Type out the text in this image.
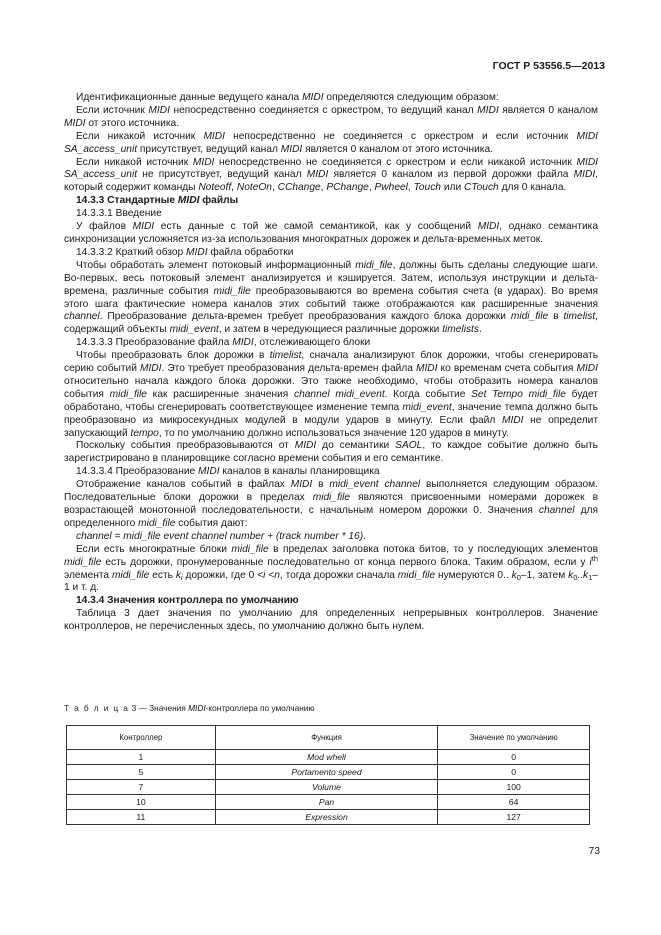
ГОСТ Р 53556.5—2013

Идентификационные данные ведущего канала MIDI определяются следующим образом:

Если источник MIDI непосредственно соединяется с оркестром, то ведущий канал MIDI является 0 каналом MIDI от этого источника.

Если никакой источник MIDI непосредственно не соединяется с оркестром и если источник MIDI SA_access_unit присутствует, ведущий канал MIDI является 0 каналом от этого источника.

Если никакой источник MIDI непосредственно не соединяется с оркестром и если никакой источник MIDI SA_access_unit не присутствует, ведущий канал MIDI является 0 каналом из первой дорожки файла MIDI, который содержит команды Noteoff, NoteOn, CChange, PChange, Pwheel, Touch или CTouch для 0 канала.

14.3.3 Стандартные MIDI файлы

14.3.3.1 Введение

У файлов MIDI есть данные с той же самой семантикой, как у сообщений MIDI, однако семантика синхронизации усложняется из-за использования многократных дорожек и дельта-временных меток.

14.3.3.2 Краткий обзор MIDI файла обработки

Чтобы обработать элемент потоковый информационный midi_file, должны быть сделаны следующие шаги. Во-первых, весь потоковый элемент анализируется и кэшируется. Затем, используя инструкции и дельта-времена, различные события midi_file преобразовываются во времена события счета (в ударах). Во время этого шага фактические номера каналов этих событий также отображаются как расширенные значения channel. Преобразование дельта-времен требует преобразования каждого блока дорожки midi_file в timelist, содержащий объекты midi_event, и затем в чередующиеся различные дорожки timelists.

14.3.3.3 Преобразование файла MIDI, отслеживающего блоки

Чтобы преобразовать блок дорожки в timelist, сначала анализируют блок дорожки, чтобы сгенерировать серию событий MIDI. Это требует преобразования дельта-времен файла MIDI ко временам счета события MIDI относительно начала каждого блока дорожки. Это также необходимо, чтобы отобразить номера каналов события midi_file как расширенные значения channel midi_event. Когда событие Set Tempo midi_file будет обработано, чтобы сгенерировать соответствующее изменение темпа midi_event, значение темпа должно быть преобразовано из микросекундных модулей в модули ударов в минуту. Если файл MIDI не определит запускающий tempo, то по умолчанию должно использоваться значение 120 ударов в минуту.

Поскольку события преобразовываются от MIDI до семантики SAOL, то каждое событие должно быть зарегистрировано в планировщике согласно времени события и его семантике.

14.3.3.4 Преобразование MIDI каналов в каналы планировщика

Отображение каналов событий в файлах MIDI в midi_event channel выполняется следующим образом. Последовательные блоки дорожки в пределах midi_file являются присвоенными номерами дорожек в возрастающей монотонной последовательности, с начальным номером дорожки 0. Значения channel для определенного midi_file события дают:

channel = midi_file event channel number + (track number * 16).

Если есть многократные блоки midi_file в пределах заголовка потока битов, то у последующих элементов midi_file есть дорожки, пронумерованные последовательно от конца первого блока. Таким образом, если у $i^{th}$ элемента midi_file есть $k_i$ дорожки, где 0 <i <n, тогда дорожки сначала midi_file нумеруются 0.. $k_0-1$, затем $k_0..k_1-1$ и т. д.

14.3.4 Значения контроллера по умолчанию

Таблица 3 дает значения по умолчанию для определенных непрерывных контроллеров. Значение контроллеров, не перечисленных здесь, по умолчанию должно быть нулем.

Т а б л и ц а 3 — Значения MIDI-контроллера по умолчанию
Контроллер	Функция	Значение по умолчанию
1	Mod whell	0
5	Portamento speed	0
7	Volume	100
10	Pan	64
11	Expression	127
73
